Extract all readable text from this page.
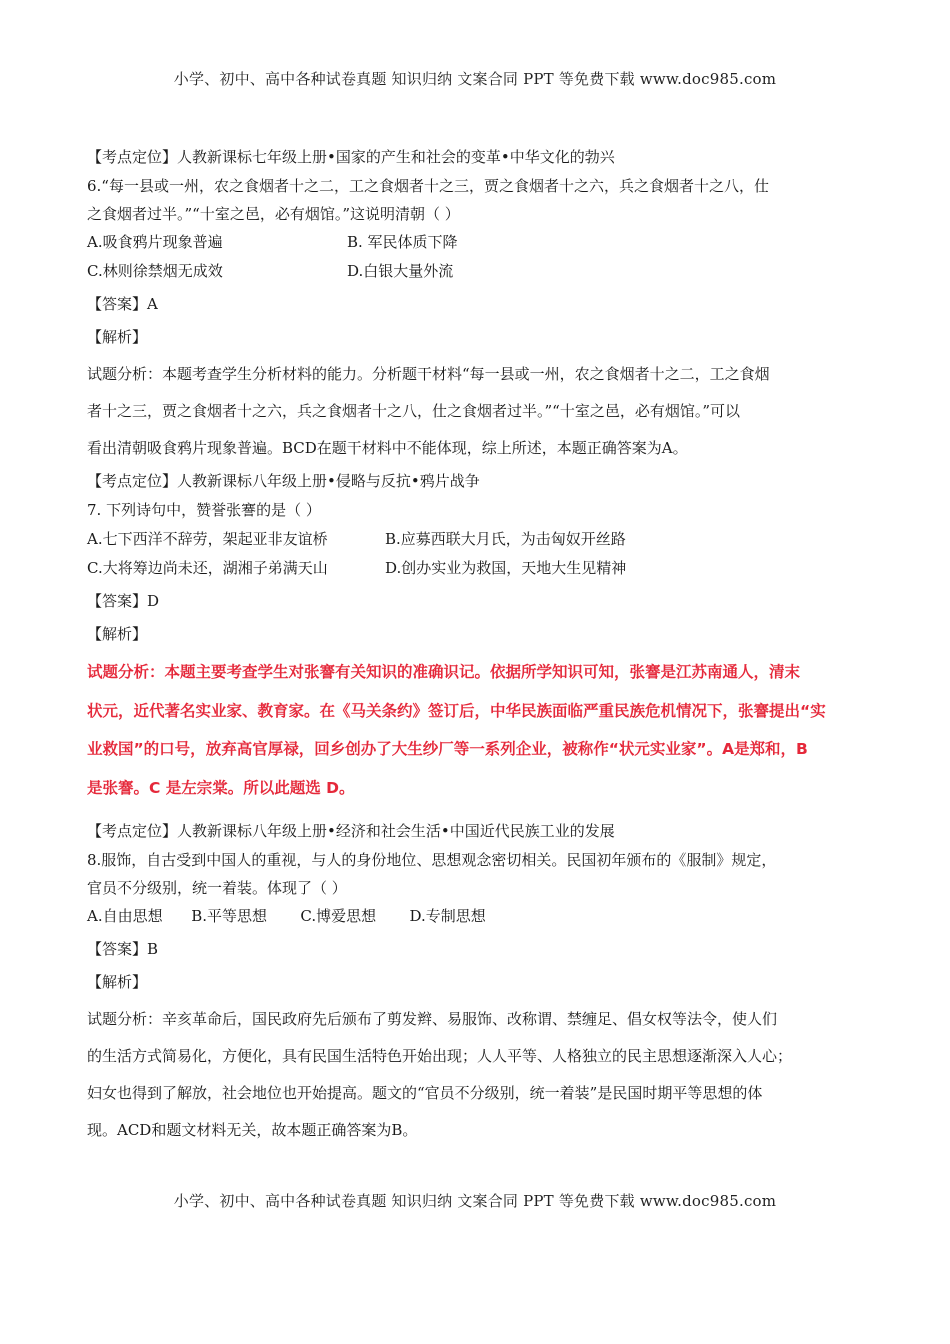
小学、初中、高中各种试卷真题 知识归纳 文案合同 PPT 等免费下载 www.doc985.com
【考点定位】人教新课标七年级上册•国家的产生和社会的变革•中华文化的勃兴
6.“每一县或一州，农之食烟者十之二，工之食烟者十之三，贾之食烟者十之六，兵之食烟者十之八，仕
之食烟者过半。”“十室之邑，必有烟馆。”这说明清朝（ ）
A.吸食鸦片现象普遍	B. 军民体质下降
C.林则徐禁烟无成效	D.白银大量外流
【答案】A
【解析】
试题分析：本题考查学生分析材料的能力。分析题干材料“每一县或一州，农之食烟者十之二，工之食烟
者十之三，贾之食烟者十之六，兵之食烟者十之八，仕之食烟者过半。”“十室之邑，必有烟馆。”可以
看出清朝吸食鸦片现象普遍。BCD在题干材料中不能体现，综上所述，本题正确答案为A。
【考点定位】人教新课标八年级上册•侵略与反抗•鸦片战争
7. 下列诗句中，赞誉张謇的是（ ）
A.七下西洋不辞劳，架起亚非友谊桥	B.应募西联大月氏，为击匈奴开丝路
C.大将筹边尚未还，湖湘子弟满天山	D.创办实业为救国，天地大生见精神
【答案】D
【解析】
试题分析：本题主要考查学生对张謇有关知识的准确识记。依据所学知识可知，张謇是江苏南通人，清末
状元，近代著名实业家、教育家。在《马关条约》签订后，中华民族面临严重民族危机情况下，张謇提出“实
业救国”的口号，放弃高官厚禄，回乡创办了大生纱厂等一系列企业，被称作“状元实业家”。A是郑和，B
是张謇。C 是左宗棠。所以此题选 D。
【考点定位】人教新课标八年级上册•经济和社会生活•中国近代民族工业的发展
8.服饰，自古受到中国人的重视，与人的身份地位、思想观念密切相关。民国初年颁布的《服制》规定，
官员不分级别，统一着装。体现了（ ）
A.自由思想      B.平等思想       C.博爱思想       D.专制思想
【答案】B
【解析】
试题分析：辛亥革命后，国民政府先后颁布了剪发辫、易服饰、改称谓、禁缠足、倡女权等法令，使人们
的生活方式简易化，方便化，具有民国生活特色开始出现；人人平等、人格独立的民主思想逐渐深入人心；
妇女也得到了解放，社会地位也开始提高。题文的“官员不分级别，统一着装”是民国时期平等思想的体
现。ACD和题文材料无关，故本题正确答案为B。
小学、初中、高中各种试卷真题 知识归纳 文案合同 PPT 等免费下载 www.doc985.com
